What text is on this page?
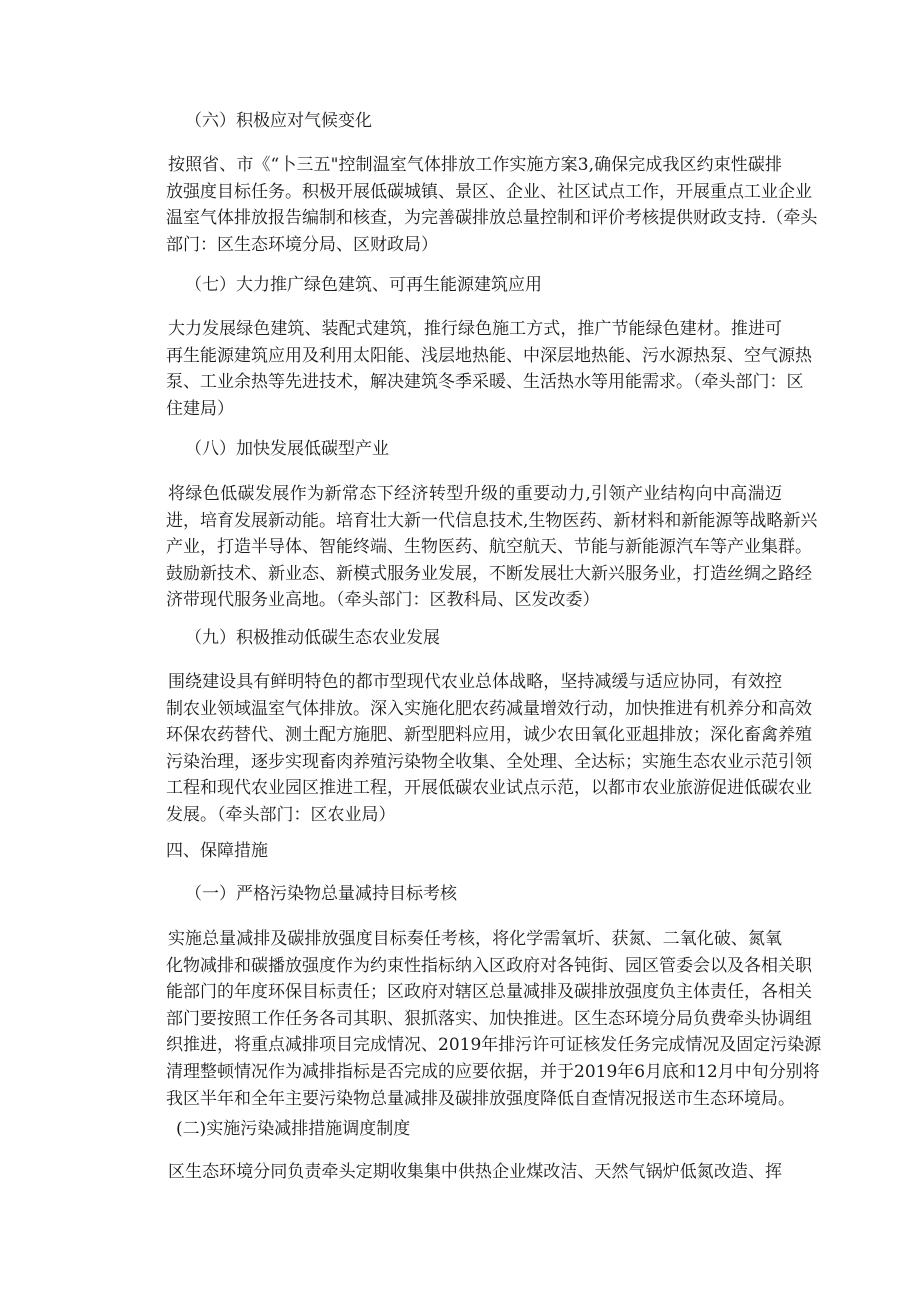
（六）积极应对气候变化
按照省、市《“卜三五"控制温室气体排放工作实施方案3,确保完成我区约束性碳排
放强度目标任务。积极开展低碳城镇、景区、企业、社区试点工作，开展重点工业企业
温室气体排放报告编制和核查，为完善碳排放总量控制和评价考核提供财政支持.（牵头
部门：区生态环境分局、区财政局）
（七）大力推广绿色建筑、可再生能源建筑应用
大力发展绿色建筑、装配式建筑，推行绿色施工方式，推广节能绿色建材。推进可
再生能源建筑应用及利用太阳能、浅层地热能、中深层地热能、污水源热泵、空气源热
泵、工业余热等先进技术，解决建筑冬季采暖、生活热水等用能需求。（牵头部门：区
住建局）
（八）加快发展低碳型产业
将绿色低碳发展作为新常态下经济转型升级的重要动力,引领产业结构向中高湍迈
进，培育发展新动能。培育壮大新一代信息技术,生物医药、新材料和新能源等战略新兴
产业，打造半导体、智能终端、生物医药、航空航天、节能与新能源汽车等产业集群。
鼓励新技术、新业态、新模式服务业发展，不断发展壮大新兴服务业，打造丝绸之路经
济带现代服务业高地。（牵头部门：区教科局、区发改委）
（九）积极推动低碳生态农业发展
围绕建设具有鲜明特色的都市型现代农业总体战略，坚持减缓与适应协同，有效控
制农业领域温室气体排放。深入实施化肥农药减量增效行动，加快推进有机养分和高效
环保农药替代、测土配方施肥、新型肥料应用，诚少农田氧化亚趄排放；深化畜禽养殖
污染治理，逐步实现畜肉养殖污染物全收集、全处理、全达标；实施生态农业示范引领
工程和现代农业园区推进工程，开展低碳农业试点示范，以都市农业旅游促进低碳农业
发展。（牵头部门：区农业局）
四、保障措施
（一）严格污染物总量减持目标考核
实施总量减排及碳排放强度目标奏任考核，将化学需氧圻、获氮、二氧化破、氮氧
化物减排和碳播放强度作为约束性指标纳入区政府对各钝街、园区管委会以及各相关职
能部门的年度环保目标责任；区政府对辖区总量减排及碳排放强度负主体责任，各相关
部门要按照工作任务各司其职、狠抓落实、加快推进。区生态环境分局负费牵头协调组
织推进，将重点减排项目完成情况、2019年排污许可证核发任务完成情况及固定污染源
清理整顿情况作为减排指标是否完成的应要依据，并于2019年6月底和12月中旬分别将
我区半年和全年主要污染物总量减排及碳排放强度降低自查情况报送市生态环境局。
(二)实施污染减排措施调度制度
区生态环境分同负责牵头定期收集集中供热企业煤改洁、天然气锅炉低氮改造、挥
